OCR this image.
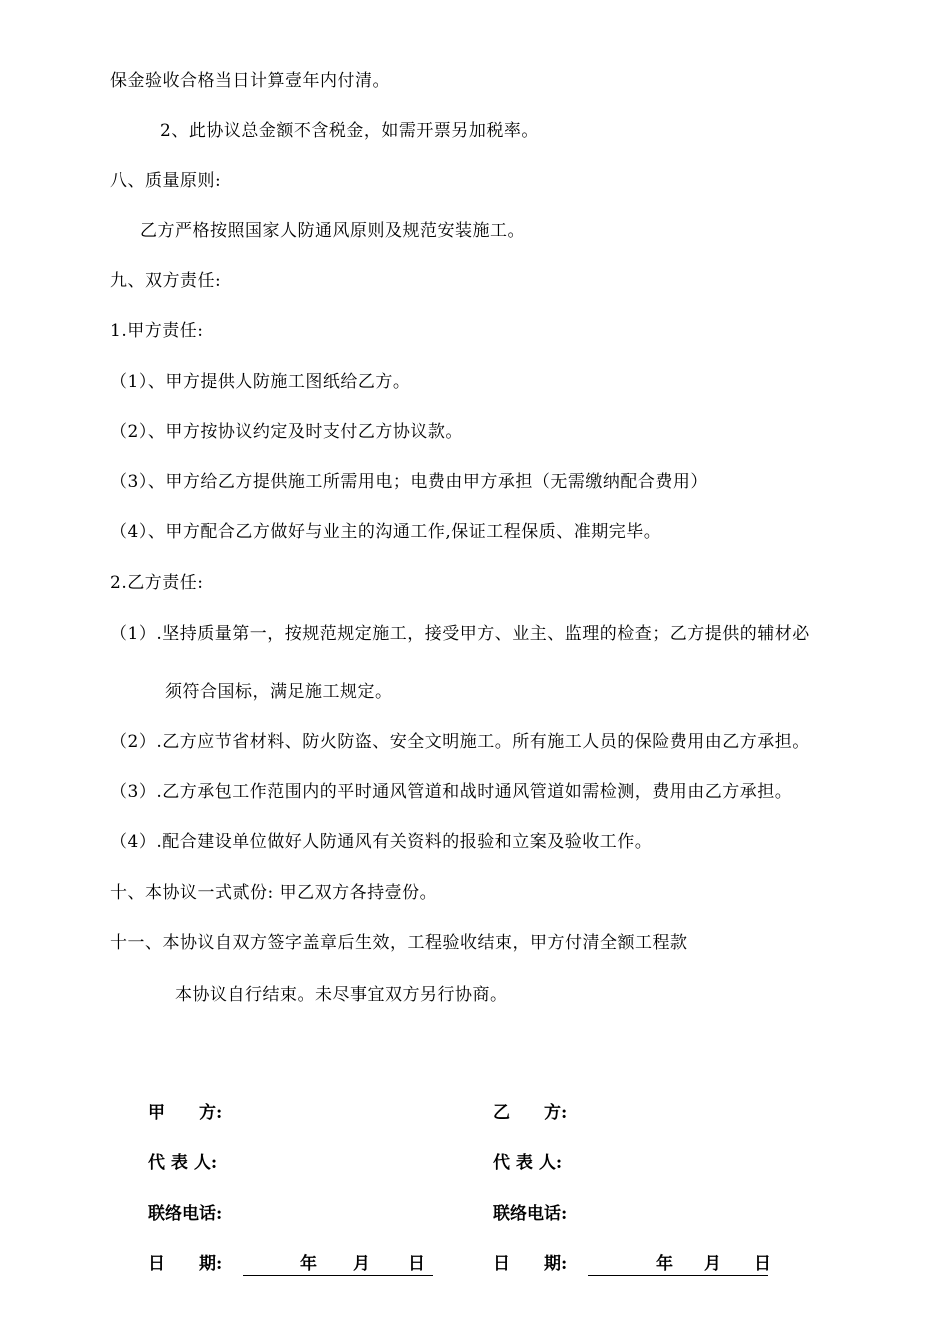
保金验收合格当日计算壹年内付清。
2、此协议总金额不含税金，如需开票另加税率。
八、质量原则:
乙方严格按照国家人防通风原则及规范安装施工。
九、双方责任:
1.甲方责任:
（1）、甲方提供人防施工图纸给乙方。
（2）、甲方按协议约定及时支付乙方协议款。
（3）、甲方给乙方提供施工所需用电；电费由甲方承担（无需缴纳配合费用）
（4）、甲方配合乙方做好与业主的沟通工作,保证工程保质、准期完毕。
2.乙方责任:
（1）.坚持质量第一，按规范规定施工，接受甲方、业主、监理的检查；乙方提供的辅材必
须符合国标，满足施工规定。
（2）.乙方应节省材料、防火防盗、安全文明施工。所有施工人员的保险费用由乙方承担。
（3）.乙方承包工作范围内的平时通风管道和战时通风管道如需检测，费用由乙方承担。
（4）.配合建设单位做好人防通风有关资料的报验和立案及验收工作。
十、本协议一式贰份: 甲乙双方各持壹份。
十一、本协议自双方签字盖章后生效，工程验收结束，甲方付清全额工程款
本协议自行结束。未尽事宜双方另行协商。
甲　　方:
代 表 人:
联络电话:
日　　期:	年 月 日
乙　　方:
代 表 人:
联络电话:
日　　期:	年 月 日
